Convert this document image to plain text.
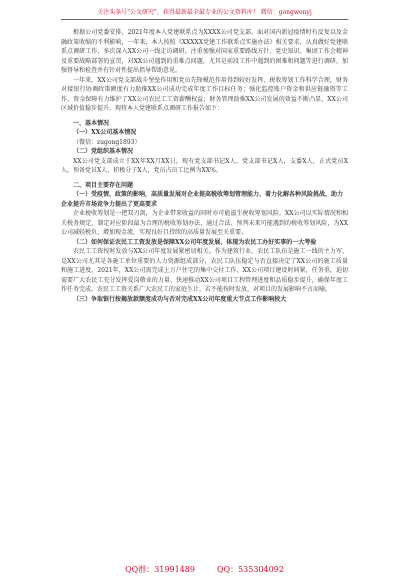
关注头条号"公文研究"，获得最新最全最专业的公文资料库！ 微信：gongwenyj

根据公司党委安排，2021年度本人党建联系点为XXXX公司党支部。面对国内新冠疫情时有反复以及金融政策收缩的不利影响，一年来，本人按照《XXXXX党建工作联系点实施办法》相关要求，认真做好党建联系点调研工作，多次深入XX公司一线走访调研，注重加强对国家重要路线方针、党史知识、集团工作会精神及重要战略部署的宣贯，对XX公司遇到的重难点问题，尤其是前段工作中遇到的困难和问题等进行调研，加强督导和检查并有针对性提出指导帮助意见。

一年来，XX公司党支部战斗堡垒作用和党员先锋模范作用得到较好发挥，税收筹划工作科学合理，财务对接银行协调政策额度有力助推XX公司成功完成年度工作目标任务；强化监控账户资金和供应链融资等工作，资金保障有力维护了XX公司农民工工资薪酬权益；财务管理助推XX公司发展的效益不断凸显，XX公司区域价值稳步提升。现将本人党建联系点调研工作报告如下：

一、基本情况

（一）XX公司基本情况

（微信：zugong1893）

（二）党组织基本情况

XX公司党支部成立于XX年XX月XX日，现有党支部书记X人，党支部书记X人，支委X人，正式党员X人，预备党员X人，积极分子X人，党员占员工比例为XX%。

二、项目主要存在问题

（一）受疫情、政策的影响，高质量发展对企业提高税收筹划管理能力、着力化解各种风险挑战、助力企业提升市场竞争力提出了更高要求

企业税收筹划是一把双刃剑，为企业带来收益的同时亦可能滋生税收筹划风险。XX公司以实际情况和相关税务规定，制定对应阶段最为合理的税收筹划办法，通过合法、预判未来可能遇到的税收筹划风险，为XX公司减轻税负、增加现金流，实现良好且持续的高质量发展至关重要。

（二）如何保证农民工工资发放是保障XX公司年度发展、体现为农民工办好实事的一大考验

农民工工资按时发放与XX公司年度发展紧密切相关。作为建筑行业，农民工队伍是施工一线的主力军，是XX公司尤其是各施工单位重要的人力资源组成部分，农民工队伍稳定与否直接决定了XX公司的施工质量和施工进度。2021年，XX公司需完成上万户住宅的集中交付工作，XX公司项目建设时间紧，任务重，迫切需要广大农民工充分发挥爱岗敬业的力量，快速推动XX公司项目工程管理进度和品质稳步提升，确保年度工作任务完成。农民工工资关系广大农民工的家庭生计，若不能按时发放，对项目的发展影响不言而喻。

（三）争取银行按揭放款额度成功与否对完成XX公司年度重大节点工作影响较大

QQ群：31991489	QQ：535304092
